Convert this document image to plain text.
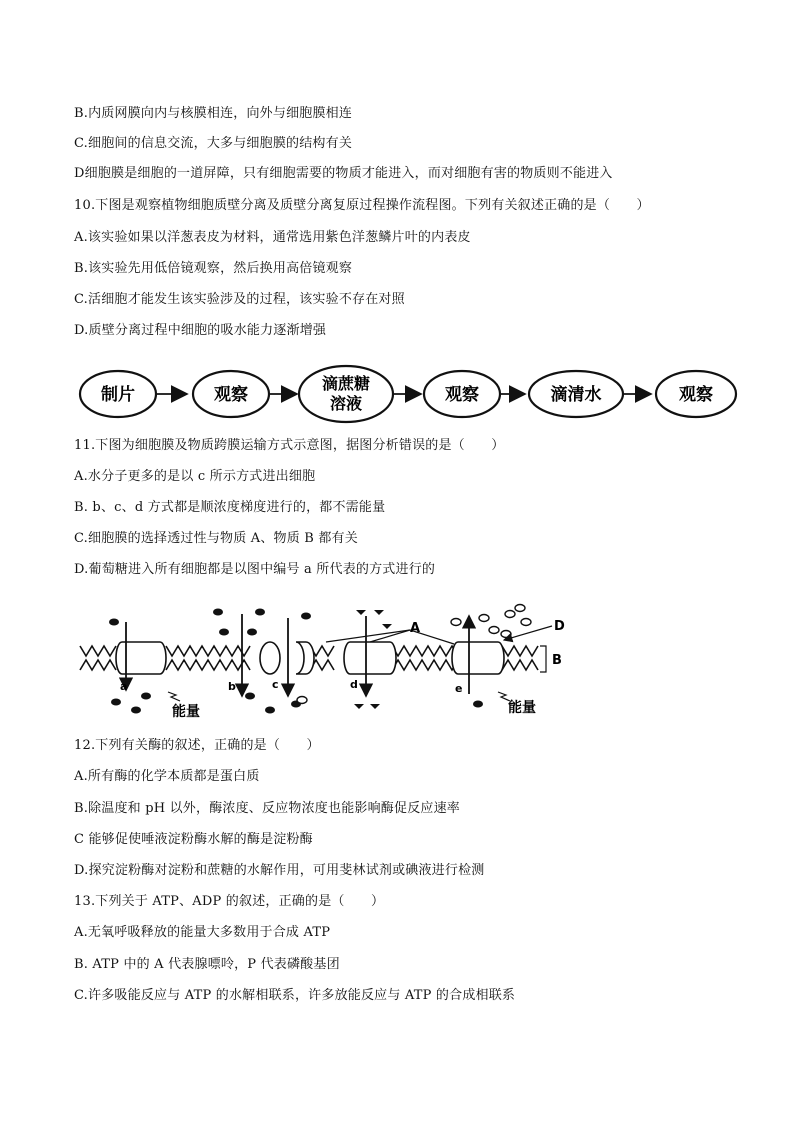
B.内质网膜向内与核膜相连，向外与细胞膜相连
C.细胞间的信息交流，大多与细胞膜的结构有关
D细胞膜是细胞的一道屏障，只有细胞需要的物质才能进入，而对细胞有害的物质则不能进入
10.下图是观察植物细胞质壁分离及质壁分离复原过程操作流程图。下列有关叙述正确的是（　　）
A.该实验如果以洋葱表皮为材料，通常选用紫色洋葱鳞片叶的内表皮
B.该实验先用低倍镜观察，然后换用高倍镜观察
C.活细胞才能发生该实验涉及的过程，该实验不存在对照
D.质壁分离过程中细胞的吸水能力逐渐增强
制片	观察
滴蔗糖
溶液	观察	滴清水	观察
11.下图为细胞膜及物质跨膜运输方式示意图，据图分析错误的是（　　）
A.水分子更多的是以 c 所示方式进出细胞
B. b、c、d 方式都是顺浓度梯度进行的，都不需能量
C.细胞膜的选择透过性与物质 A、物质 B 都有关
D.葡萄糖进入所有细胞都是以图中编号 a 所代表的方式进行的
a	b	c	d	e
A
B
D
能量	能量
12.下列有关酶的叙述，正确的是（　　）
A.所有酶的化学本质都是蛋白质
B.除温度和 pH 以外，酶浓度、反应物浓度也能影响酶促反应速率
C 能够促使唾液淀粉酶水解的酶是淀粉酶
D.探究淀粉酶对淀粉和蔗糖的水解作用，可用斐林试剂或碘液进行检测
13.下列关于 ATP、ADP 的叙述，正确的是（　　）
A.无氧呼吸释放的能量大多数用于合成 ATP
B. ATP 中的 A 代表腺嘌呤，P 代表磷酸基团
C.许多吸能反应与 ATP 的水解相联系，许多放能反应与 ATP 的合成相联系
